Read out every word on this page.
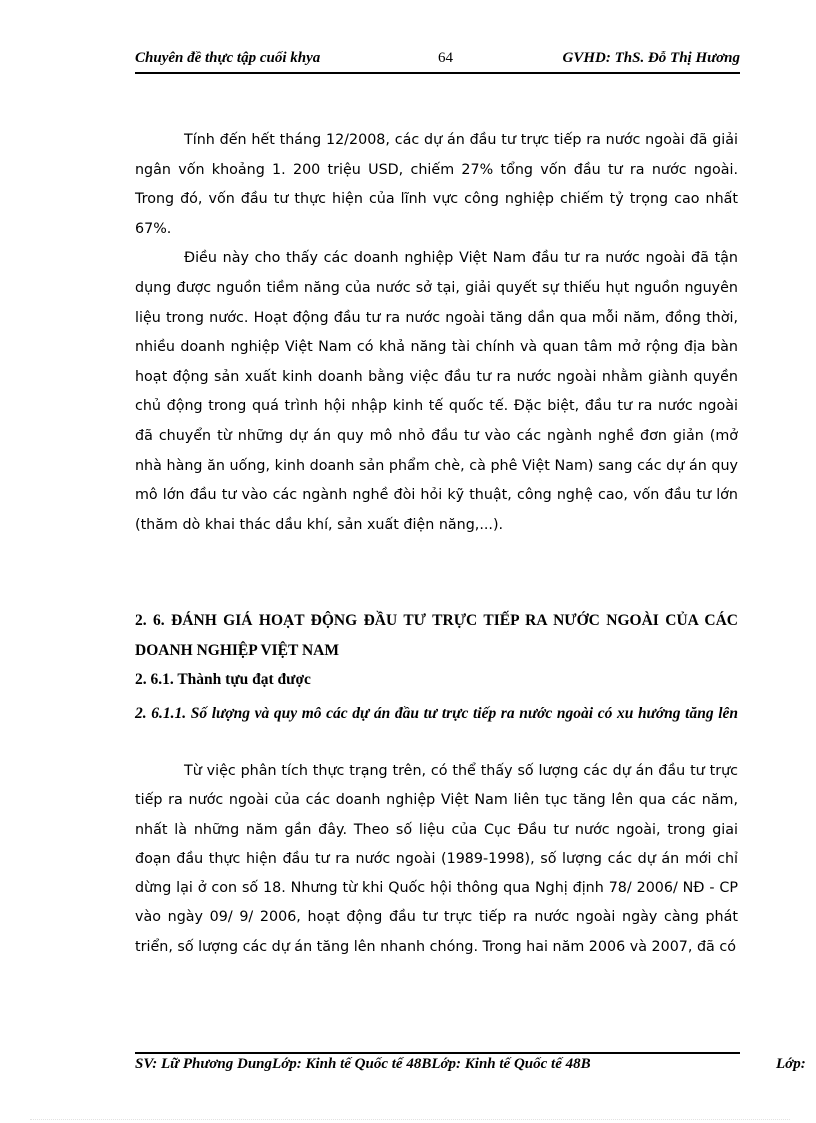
Chuyên đề thực tập cuối khya	64	GVHD: ThS. Đỗ Thị Hương

Tính đến hết tháng 12/2008, các dự án đầu tư trực tiếp ra nước ngoài đã giải ngân vốn khoảng 1. 200 triệu USD, chiếm 27% tổng vốn đầu tư ra nước ngoài. Trong đó, vốn đầu tư thực hiện của lĩnh vực công nghiệp chiếm tỷ trọng cao nhất 67%.

Điều này cho thấy các doanh nghiệp Việt Nam đầu tư ra nước ngoài đã tận dụng được nguồn tiềm năng của nước sở tại, giải quyết sự thiếu hụt nguồn nguyên liệu trong nước. Hoạt động đầu tư ra nước ngoài tăng dần qua mỗi năm, đồng thời, nhiều doanh nghiệp Việt Nam có khả năng tài chính và quan tâm mở rộng địa bàn hoạt động sản xuất kinh doanh bằng việc đầu tư ra nước ngoài nhằm giành quyền chủ động trong quá trình hội nhập kinh tế quốc tế. Đặc biệt, đầu tư ra nước ngoài đã chuyển từ những dự án quy mô nhỏ đầu tư vào các ngành nghề đơn giản (mở nhà hàng ăn uống, kinh doanh sản phẩm chè, cà phê Việt Nam) sang các dự án quy mô lớn đầu tư vào các ngành nghề đòi hỏi kỹ thuật, công nghệ cao, vốn đầu tư lớn (thăm dò khai thác dầu khí, sản xuất điện năng,...).

2. 6. ĐÁNH GIÁ HOẠT ĐỘNG ĐẦU TƯ TRỰC TIẾP RA NƯỚC NGOÀI CỦA CÁC DOANH NGHIỆP VIỆT NAM
2. 6.1. Thành tựu đạt được
2. 6.1.1. Số lượng và quy mô các dự án đầu tư trực tiếp ra nước ngoài có xu hướng tăng lên

Từ việc phân tích thực trạng trên, có thể thấy số lượng các dự án đầu tư trực tiếp ra nước ngoài của các doanh nghiệp Việt Nam liên tục tăng lên qua các năm, nhất là những năm gần đây. Theo số liệu của Cục Đầu tư nước ngoài, trong giai đoạn đầu thực hiện đầu tư ra nước ngoài (1989-1998), số lượng các dự án mới chỉ dừng lại ở con số 18. Nhưng từ khi Quốc hội thông qua Nghị định 78/ 2006/ NĐ - CP vào ngày 09/ 9/ 2006, hoạt động đầu tư trực tiếp ra nước ngoài ngày càng phát triển, số lượng các dự án tăng lên nhanh chóng. Trong hai năm 2006 và 2007, đã có

SV: Lữ Phương DungLớp: Kinh tế Quốc tế 48BLớp: Kinh tế Quốc tế 48B	Lớp:
